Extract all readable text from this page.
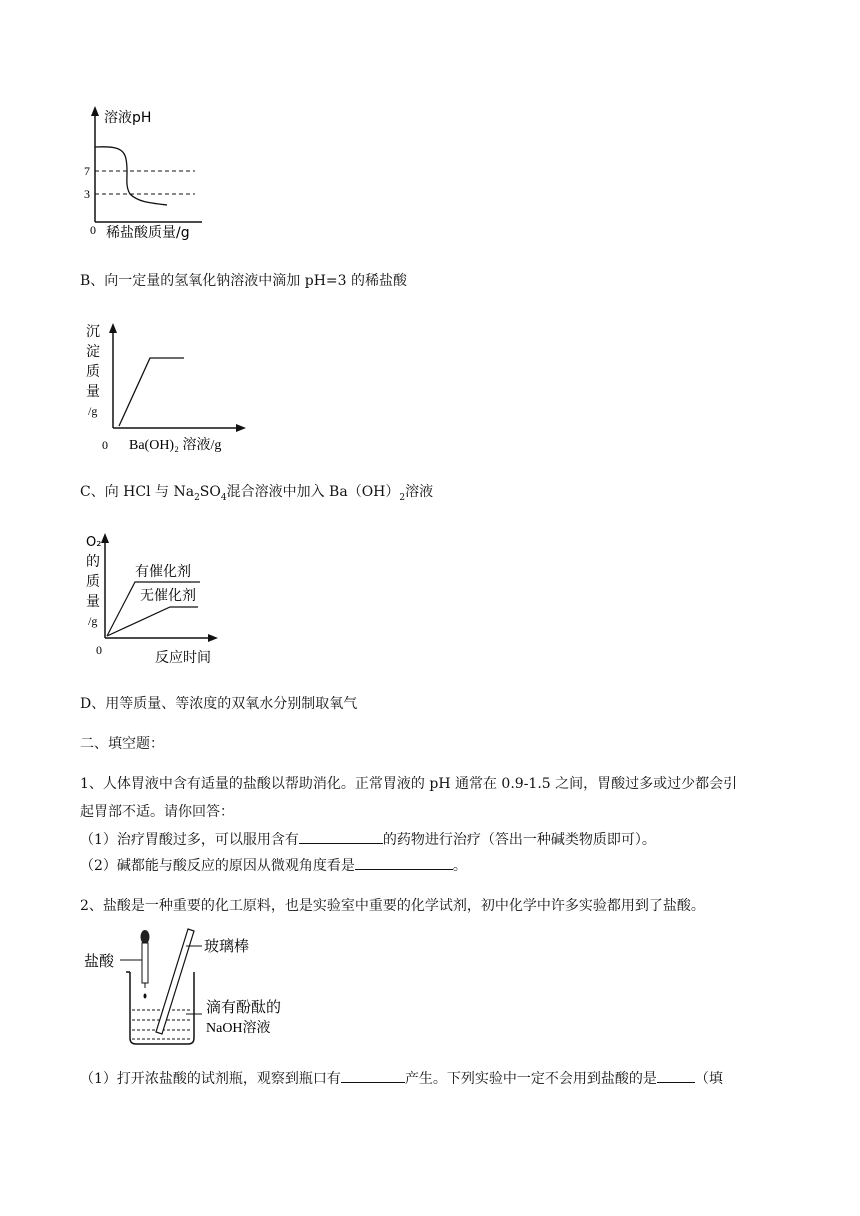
溶液pH
7
3
0 稀盐酸质量/g
B、向一定量的氢氧化钠溶液中滴加 pH=3 的稀盐酸
沉
淀
质
量
/g
0 Ba(OH)₂ 溶液/g
C、向 HCl 与 $Na_2SO_4$混合溶液中加入 $Ba(OH)_2$溶液
O₂
的
质
量
/g
有催化剂
无催化剂
0	反应时间
D、用等质量、等浓度的双氧水分别制取氧气
二、填空题：
1、人体胃液中含有适量的盐酸以帮助消化。正常胃液的 pH 通常在 0.9-1.5 之间，胃酸过多或过少都会引
起胃部不适。请你回答：
（1）治疗胃酸过多，可以服用含有	的药物进行治疗（答出一种碱类物质即可）。
（2）碱都能与酸反应的原因从微观角度看是	。
2、盐酸是一种重要的化工原料，也是实验室中重要的化学试剂，初中化学中许多实验都用到了盐酸。
盐酸
玻璃棒
滴有酚酞的
NaOH溶液
（1）打开浓盐酸的试剂瓶，观察到瓶口有	产生。下列实验中一定不会用到盐酸的是	（填
